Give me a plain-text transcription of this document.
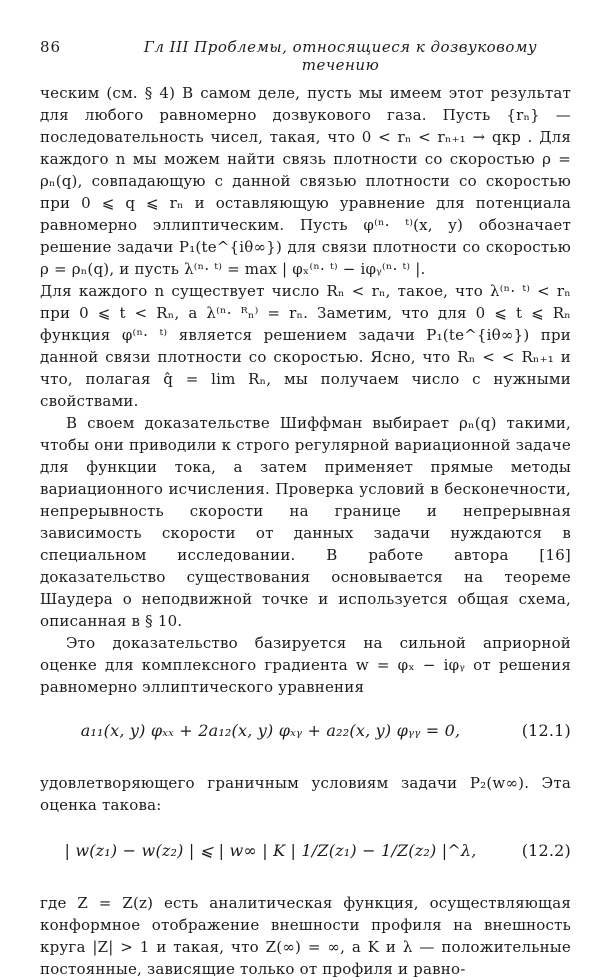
86	Гл III Проблемы, относящиеся к дозвуковому течению

ческим (см. § 4) В самом деле, пусть мы имеем этот результат для любого равномерно дозвукового газа. Пусть {rₙ} — последовательность чисел, такая, что 0 < rₙ < rₙ₊₁ → qкр . Для каждого n мы можем найти связь плотности со скоростью ρ = ρₙ(q), совпадающую с данной связью плотности со скоростью при 0 ⩽ q ⩽ rₙ и оставляющую уравнение для потенциала равномерно эллиптическим. Пусть φ⁽ⁿ· ᵗ⁾(x, y) обозначает решение задачи P₁(te^{iθ∞}) для связи плотности со скоростью ρ = ρₙ(q), и пусть λ⁽ⁿ· ᵗ⁾ = max | φₓ⁽ⁿ· ᵗ⁾ − iφᵧ⁽ⁿ· ᵗ⁾ |.

Для каждого n существует число Rₙ < rₙ, такое, что λ⁽ⁿ· ᵗ⁾ < rₙ при 0 ⩽ t < Rₙ, а λ⁽ⁿ· ᴿₙ⁾ = rₙ. Заметим, что для 0 ⩽ t ⩽ Rₙ функция φ⁽ⁿ· ᵗ⁾ является решением задачи P₁(te^{iθ∞}) при данной связи плотности со скоростью. Ясно, что Rₙ < < Rₙ₊₁ и что, полагая q̂ = lim Rₙ, мы получаем число с нужными свойствами.

В своем доказательстве Шиффман выбирает ρₙ(q) такими, чтобы они приводили к строго регулярной вариационной задаче для функции тока, а затем применяет прямые методы вариационного исчисления. Проверка условий в бесконечности, непрерывность скорости на границе и непрерывная зависимость скорости от данных задачи нуждаются в специальном исследовании. В работе автора [16] доказательство существования основывается на теореме Шаудера о неподвижной точке и используется общая схема, описанная в § 10.

Это доказательство базируется на сильной априорной оценке для комплексного градиента w = φₓ − iφᵧ от решения равномерно эллиптического уравнения

a₁₁(x, y) φₓₓ + 2a₁₂(x, y) φₓᵧ + a₂₂(x, y) φᵧᵧ = 0,	(12.1)

удовлетворяющего граничным условиям задачи P₂(w∞). Эта оценка такова:

| w(z₁) − w(z₂) | ⩽ | w∞ | K | 1/Z(z₁) − 1/Z(z₂) |^λ,	(12.2)

где Z = Z(z) есть аналитическая функция, осуществляющая конформное отображение внешности профиля на внешность круга |Z| > 1 и такая, что Z(∞) = ∞, а K и λ — положительные постоянные, зависящие только от профиля и равно-
